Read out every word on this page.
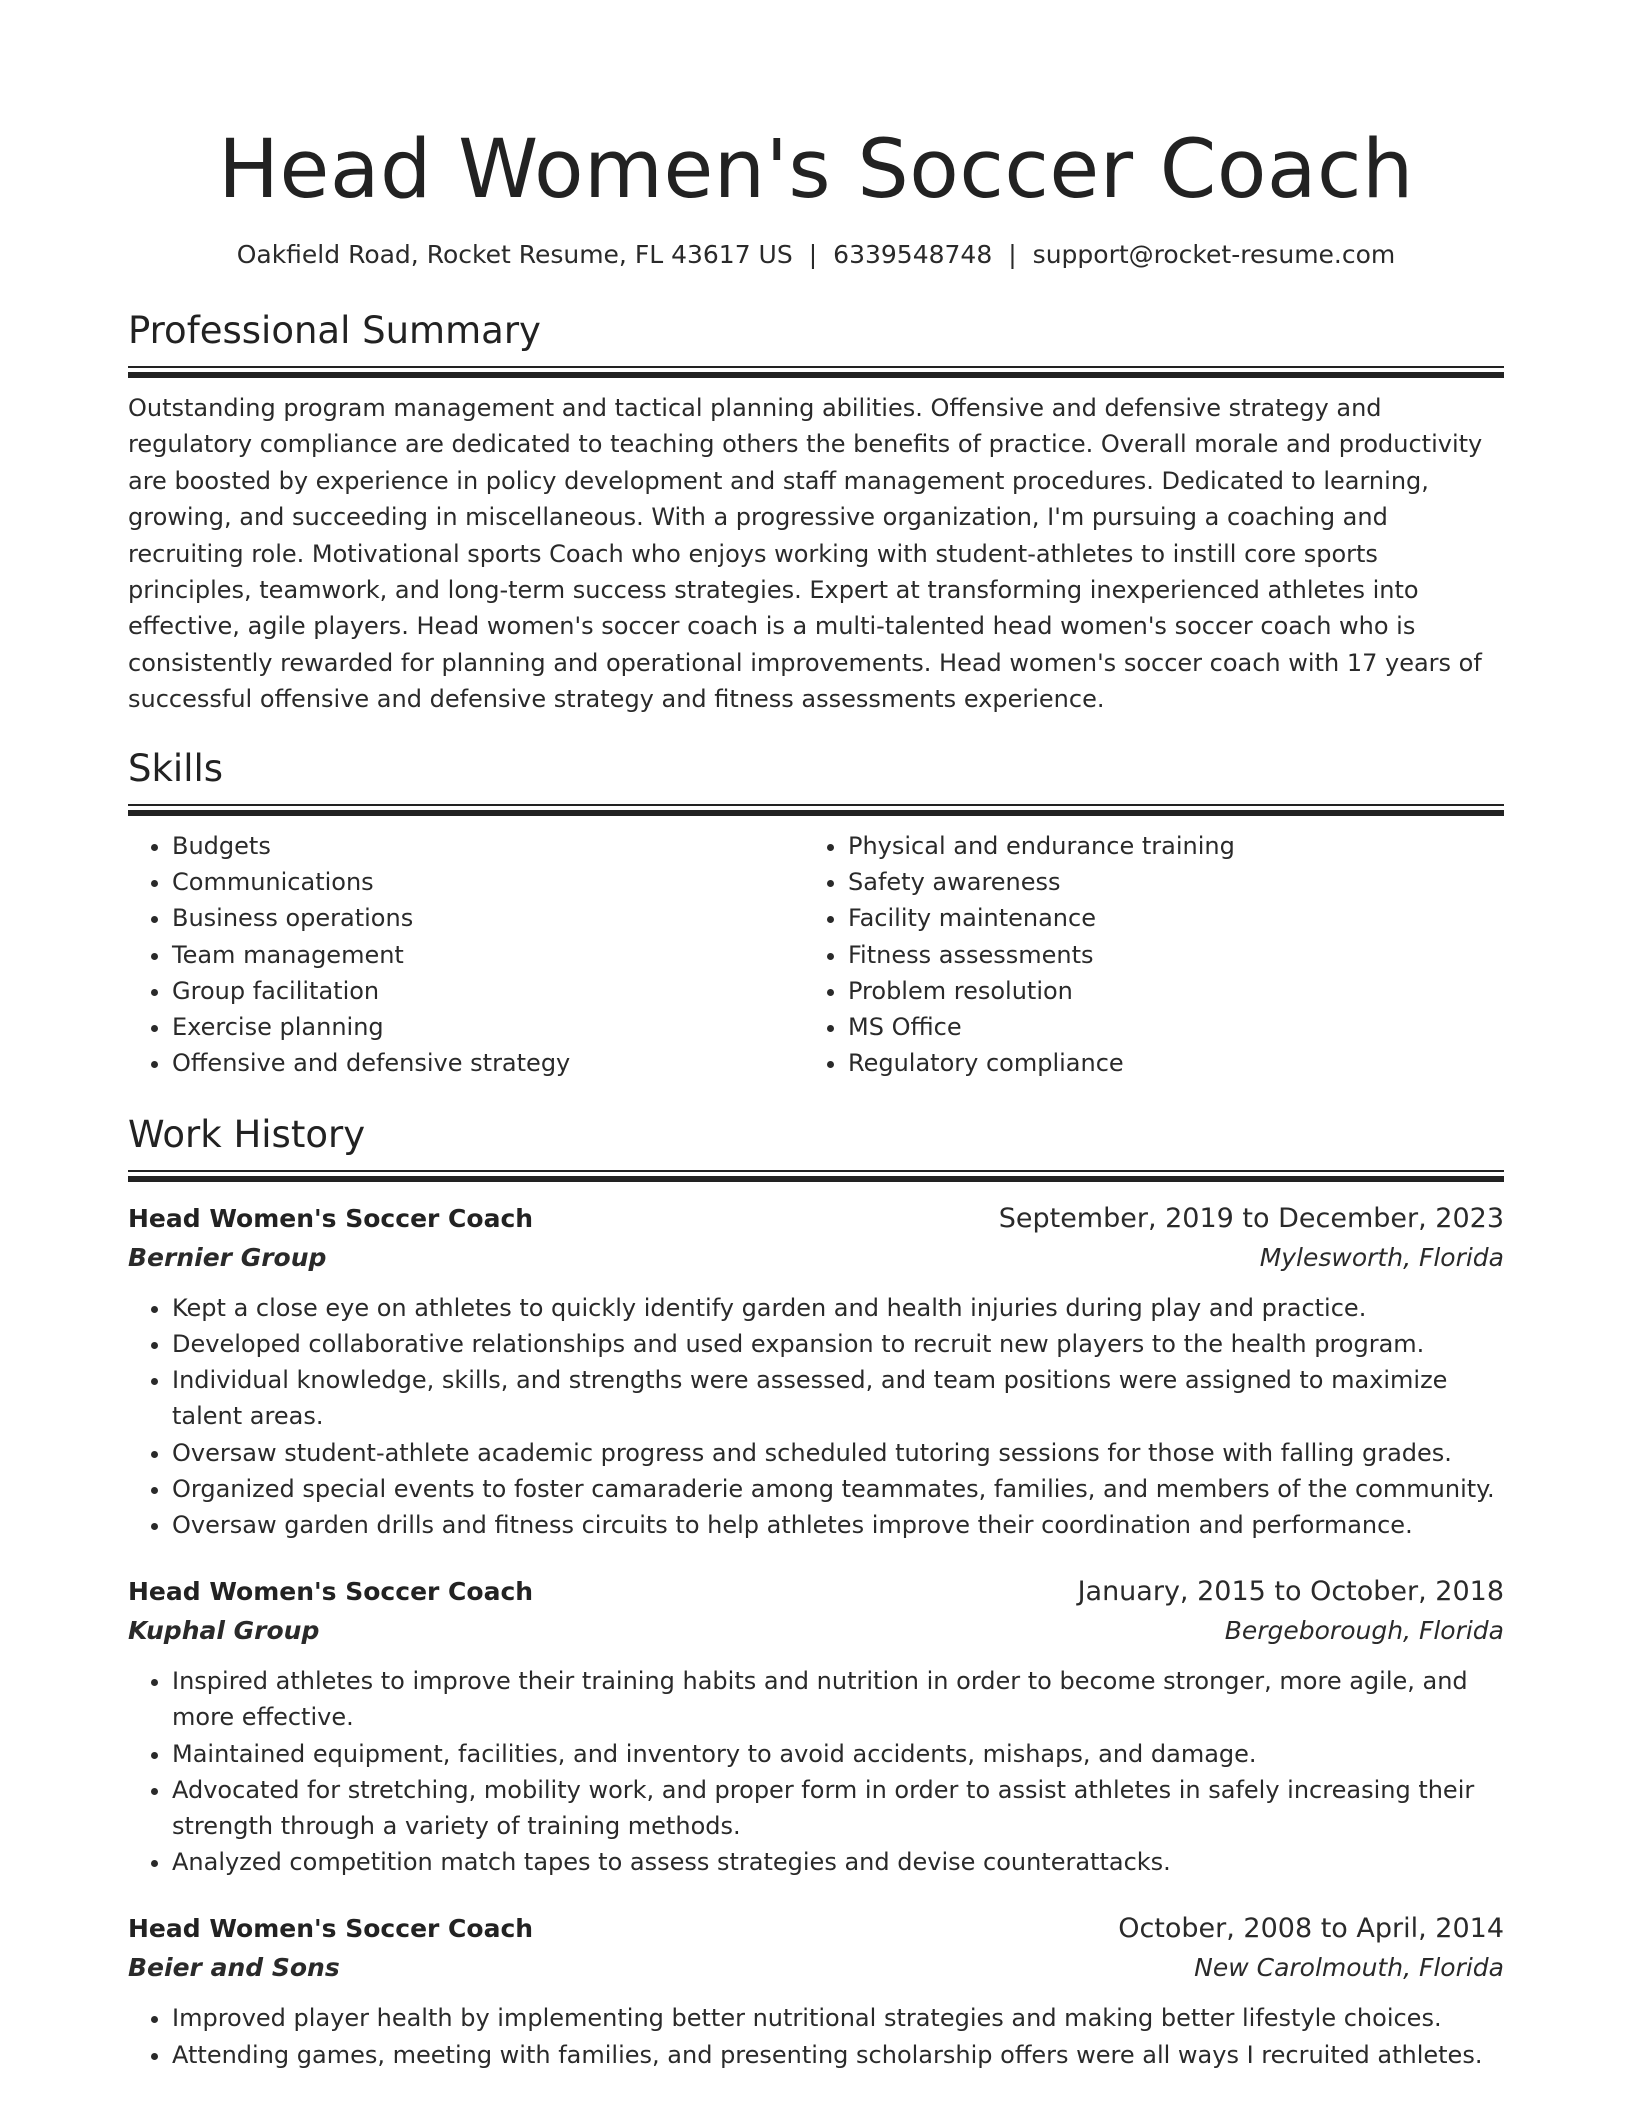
Head Women's Soccer Coach
Oakfield Road, Rocket Resume, FL 43617 US | 6339548748 | support@rocket-resume.com
Professional Summary

Outstanding program management and tactical planning abilities. Offensive and defensive strategy and regulatory compliance are dedicated to teaching others the benefits of practice. Overall morale and productivity are boosted by experience in policy development and staff management procedures. Dedicated to learning, growing, and succeeding in miscellaneous. With a progressive organization, I'm pursuing a coaching and recruiting role. Motivational sports Coach who enjoys working with student-athletes to instill core sports principles, teamwork, and long-term success strategies. Expert at transforming inexperienced athletes into effective, agile players. Head women's soccer coach is a multi-talented head women's soccer coach who is consistently rewarded for planning and operational improvements. Head women's soccer coach with 17 years of successful offensive and defensive strategy and fitness assessments experience.

Skills
• Budgets
• Communications
• Business operations
• Team management
• Group facilitation
• Exercise planning
• Offensive and defensive strategy
• Physical and endurance training
• Safety awareness
• Facility maintenance
• Fitness assessments
• Problem resolution
• MS Office
• Regulatory compliance
Work History
Head Women's Soccer Coach	September, 2019 to December, 2023
Bernier Group	Mylesworth, Florida
• Kept a close eye on athletes to quickly identify garden and health injuries during play and practice.
• Developed collaborative relationships and used expansion to recruit new players to the health program.
• Individual knowledge, skills, and strengths were assessed, and team positions were assigned to maximize talent areas.
• Oversaw student-athlete academic progress and scheduled tutoring sessions for those with falling grades.
• Organized special events to foster camaraderie among teammates, families, and members of the community.
• Oversaw garden drills and fitness circuits to help athletes improve their coordination and performance.
Head Women's Soccer Coach	January, 2015 to October, 2018
Kuphal Group	Bergeborough, Florida
• Inspired athletes to improve their training habits and nutrition in order to become stronger, more agile, and more effective.
• Maintained equipment, facilities, and inventory to avoid accidents, mishaps, and damage.
• Advocated for stretching, mobility work, and proper form in order to assist athletes in safely increasing their strength through a variety of training methods.
• Analyzed competition match tapes to assess strategies and devise counterattacks.
Head Women's Soccer Coach	October, 2008 to April, 2014
Beier and Sons	New Carolmouth, Florida
• Improved player health by implementing better nutritional strategies and making better lifestyle choices.
• Attending games, meeting with families, and presenting scholarship offers were all ways I recruited athletes.
